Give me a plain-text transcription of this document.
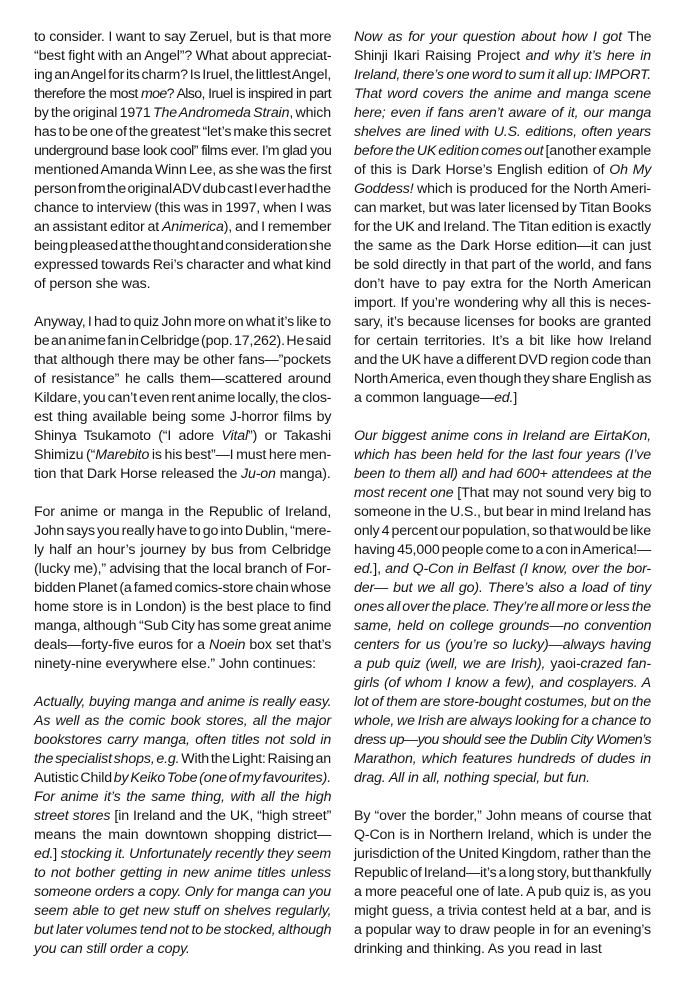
to consider. I want to say Zeruel, but is that more
“best fight with an Angel”? What about appreciat-
ing an Angel for its charm? Is Iruel, the littlest Angel,
therefore the most moe? Also, Iruel is inspired in part
by the original 1971 The Andromeda Strain, which
has to be one of the greatest “let’s make this secret
underground base look cool” films ever. I’m glad you
mentioned Amanda Winn Lee, as she was the first
person from the original ADV dub cast I ever had the
chance to interview (this was in 1997, when I was
an assistant editor at Animerica), and I remember
being pleased at the thought and consideration she
expressed towards Rei’s character and what kind
of person she was.
Anyway, I had to quiz John more on what it’s like to
be an anime fan in Celbridge (pop. 17,262). He said
that although there may be other fans—”pockets
of resistance” he calls them—scattered around
Kildare, you can’t even rent anime locally, the clos-
est thing available being some J-horror films by
Shinya Tsukamoto (“I adore Vital”) or Takashi
Shimizu (“Marebito is his best”—I must here men-
tion that Dark Horse released the Ju-on manga).
For anime or manga in the Republic of Ireland,
John says you really have to go into Dublin, “mere-
ly half an hour’s journey by bus from Celbridge
(lucky me),” advising that the local branch of For-
bidden Planet (a famed comics-store chain whose
home store is in London) is the best place to find
manga, although “Sub City has some great anime
deals—forty-five euros for a Noein box set that’s
ninety-nine everywhere else.” John continues:
Actually, buying manga and anime is really easy.
As well as the comic book stores, all the major
bookstores carry manga, often titles not sold in
the specialist shops, e.g. With the Light: Raising an
Autistic Child by Keiko Tobe (one of my favourites).
For anime it’s the same thing, with all the high
street stores [in Ireland and the UK, “high street”
means the main downtown shopping district—
ed.] stocking it. Unfortunately recently they seem
to not bother getting in new anime titles unless
someone orders a copy. Only for manga can you
seem able to get new stuff on shelves regularly,
but later volumes tend not to be stocked, although
you can still order a copy.
Now as for your question about how I got The
Shinji Ikari Raising Project and why it’s here in
Ireland, there’s one word to sum it all up: IMPORT.
That word covers the anime and manga scene
here; even if fans aren’t aware of it, our manga
shelves are lined with U.S. editions, often years
before the UK edition comes out [another example
of this is Dark Horse’s English edition of Oh My
Goddess! which is produced for the North Ameri-
can market, but was later licensed by Titan Books
for the UK and Ireland. The Titan edition is exactly
the same as the Dark Horse edition—it can just
be sold directly in that part of the world, and fans
don’t have to pay extra for the North American
import. If you’re wondering why all this is neces-
sary, it’s because licenses for books are granted
for certain territories. It’s a bit like how Ireland
and the UK have a different DVD region code than
North America, even though they share English as
a common language—ed.]
Our biggest anime cons in Ireland are EirtaKon,
which has been held for the last four years (I’ve
been to them all) and had 600+ attendees at the
most recent one [That may not sound very big to
someone in the U.S., but bear in mind Ireland has
only 4 percent our population, so that would be like
having 45,000 people come to a con in America!—
ed.], and Q-Con in Belfast (I know, over the bor-
der— but we all go). There’s also a load of tiny
ones all over the place. They’re all more or less the
same, held on college grounds—no convention
centers for us (you’re so lucky)—always having
a pub quiz (well, we are Irish), yaoi-crazed fan-
girls (of whom I know a few), and cosplayers. A
lot of them are store-bought costumes, but on the
whole, we Irish are always looking for a chance to
dress up—you should see the Dublin City Women’s
Marathon, which features hundreds of dudes in
drag. All in all, nothing special, but fun.
By “over the border,” John means of course that
Q-Con is in Northern Ireland, which is under the
jurisdiction of the United Kingdom, rather than the
Republic of Ireland—it’s a long story, but thankfully
a more peaceful one of late. A pub quiz is, as you
might guess, a trivia contest held at a bar, and is
a popular way to draw people in for an evening’s
drinking and thinking. As you read in last
